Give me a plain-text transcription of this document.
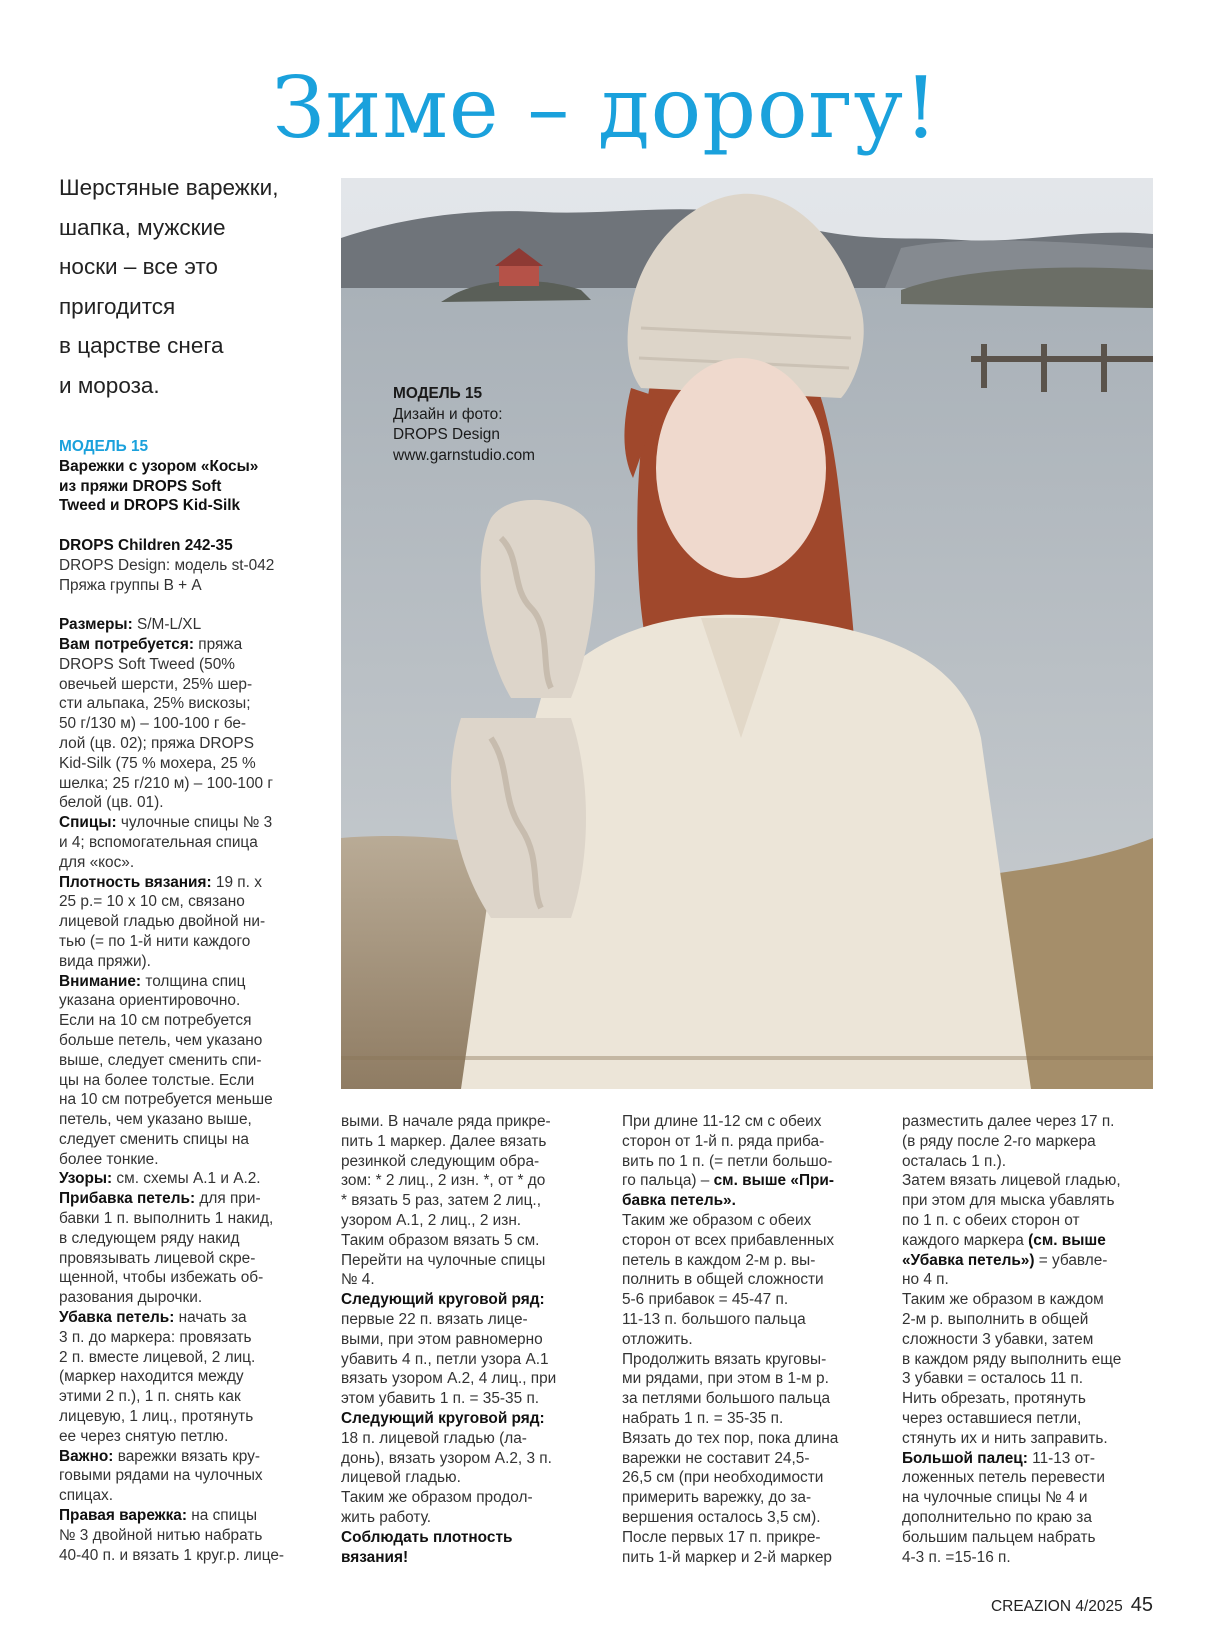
Зиме – дорогу!
Шерстяные варежки,
шапка, мужские
носки – все это
пригодится
в царстве снега
и мороза.	МОДЕЛЬ 15
Дизайн и фото:
DROPS Design
www.garnstudio.com
МОДЕЛЬ 15
Варежки с узором «Косы»
из пряжи DROPS Soft
Tweed и DROPS Kid-Silk

DROPS Children 242-35
DROPS Design: модель st-042
Пряжа группы В + А

Размеры: S/M-L/XL
Вам потребуется: пряжа
DROPS Soft Tweed (50%
овечьей шерсти, 25% шер-
сти альпака, 25% вискозы;
50 г/130 м) – 100-100 г бе-
лой (цв. 02); пряжа DROPS
Kid-Silk (75 % мохера, 25 %
шелка; 25 г/210 м) – 100-100 г
белой (цв. 01).
Спицы: чулочные спицы № 3
и 4; вспомогательная спица
для «кос».
Плотность вязания: 19 п. х
25 р.= 10 х 10 см, связано
лицевой гладью двойной ни-
тью (= по 1-й нити каждого
вида пряжи).
Внимание: толщина спиц
указана ориентировочно.
Если на 10 см потребуется
больше петель, чем указано
выше, следует сменить спи-
цы на более толстые. Если
на 10 см потребуется меньше
петель, чем указано выше,
следует сменить спицы на
более тонкие.
Узоры: см. схемы А.1 и А.2.
Прибавка петель: для при-
бавки 1 п. выполнить 1 накид,
в следующем ряду накид
провязывать лицевой скре-
щенной, чтобы избежать об-
разования дырочки.
Убавка петель: начать за
3 п. до маркера: провязать
2 п. вместе лицевой, 2 лиц.
(маркер находится между
этими 2 п.), 1 п. снять как
лицевую, 1 лиц., протянуть
ее через снятую петлю.
Важно: варежки вязать кру-
говыми рядами на чулочных
спицах.
Правая варежка: на спицы
№ 3 двойной нитью набрать
40-40 п. и вязать 1 круг.р. лице-
выми. В начале ряда прикре-
пить 1 маркер. Далее вязать
резинкой следующим обра-
зом: * 2 лиц., 2 изн. *, от * до
* вязать 5 раз, затем 2 лиц.,
узором А.1, 2 лиц., 2 изн.
Таким образом вязать 5 см.
Перейти на чулочные спицы
№ 4.
Следующий круговой ряд:
первые 22 п. вязать лице-
выми, при этом равномерно
убавить 4 п., петли узора А.1
вязать узором А.2, 4 лиц., при
этом убавить 1 п. = 35-35 п.
Следующий круговой ряд:
18 п. лицевой гладью (ла-
донь), вязать узором А.2, 3 п.
лицевой гладью.
Таким же образом продол-
жить работу.
Соблюдать плотность
вязания!
При длине 11-12 см с обеих
сторон от 1-й п. ряда приба-
вить по 1 п. (= петли большо-
го пальца) – см. выше «При-
бавка петель».
Таким же образом с обеих
сторон от всех прибавленных
петель в каждом 2-м р. вы-
полнить в общей сложности
5-6 прибавок = 45-47 п.
11-13 п. большого пальца
отложить.
Продолжить вязать круговы-
ми рядами, при этом в 1-м р.
за петлями большого пальца
набрать 1 п. = 35-35 п.
Вязать до тех пор, пока длина
варежки не составит 24,5-
26,5 см (при необходимости
примерить варежку, до за-
вершения осталось 3,5 см).
После первых 17 п. прикре-
пить 1-й маркер и 2-й маркер
разместить далее через 17 п.
(в ряду после 2-го маркера
осталась 1 п.).
Затем вязать лицевой гладью,
при этом для мыска убавлять
по 1 п. с обеих сторон от
каждого маркера (см. выше
«Убавка петель») = убавле-
но 4 п.
Таким же образом в каждом
2-м р. выполнить в общей
сложности 3 убавки, затем
в каждом ряду выполнить еще
3 убавки = осталось 11 п.
Нить обрезать, протянуть
через оставшиеся петли,
стянуть их и нить заправить.
Большой палец: 11-13 от-
ложенных петель перевести
на чулочные спицы № 4 и
дополнительно по краю за
большим пальцем набрать
4-3 п. =15-16 п.
CREAZION 4/2025 45
